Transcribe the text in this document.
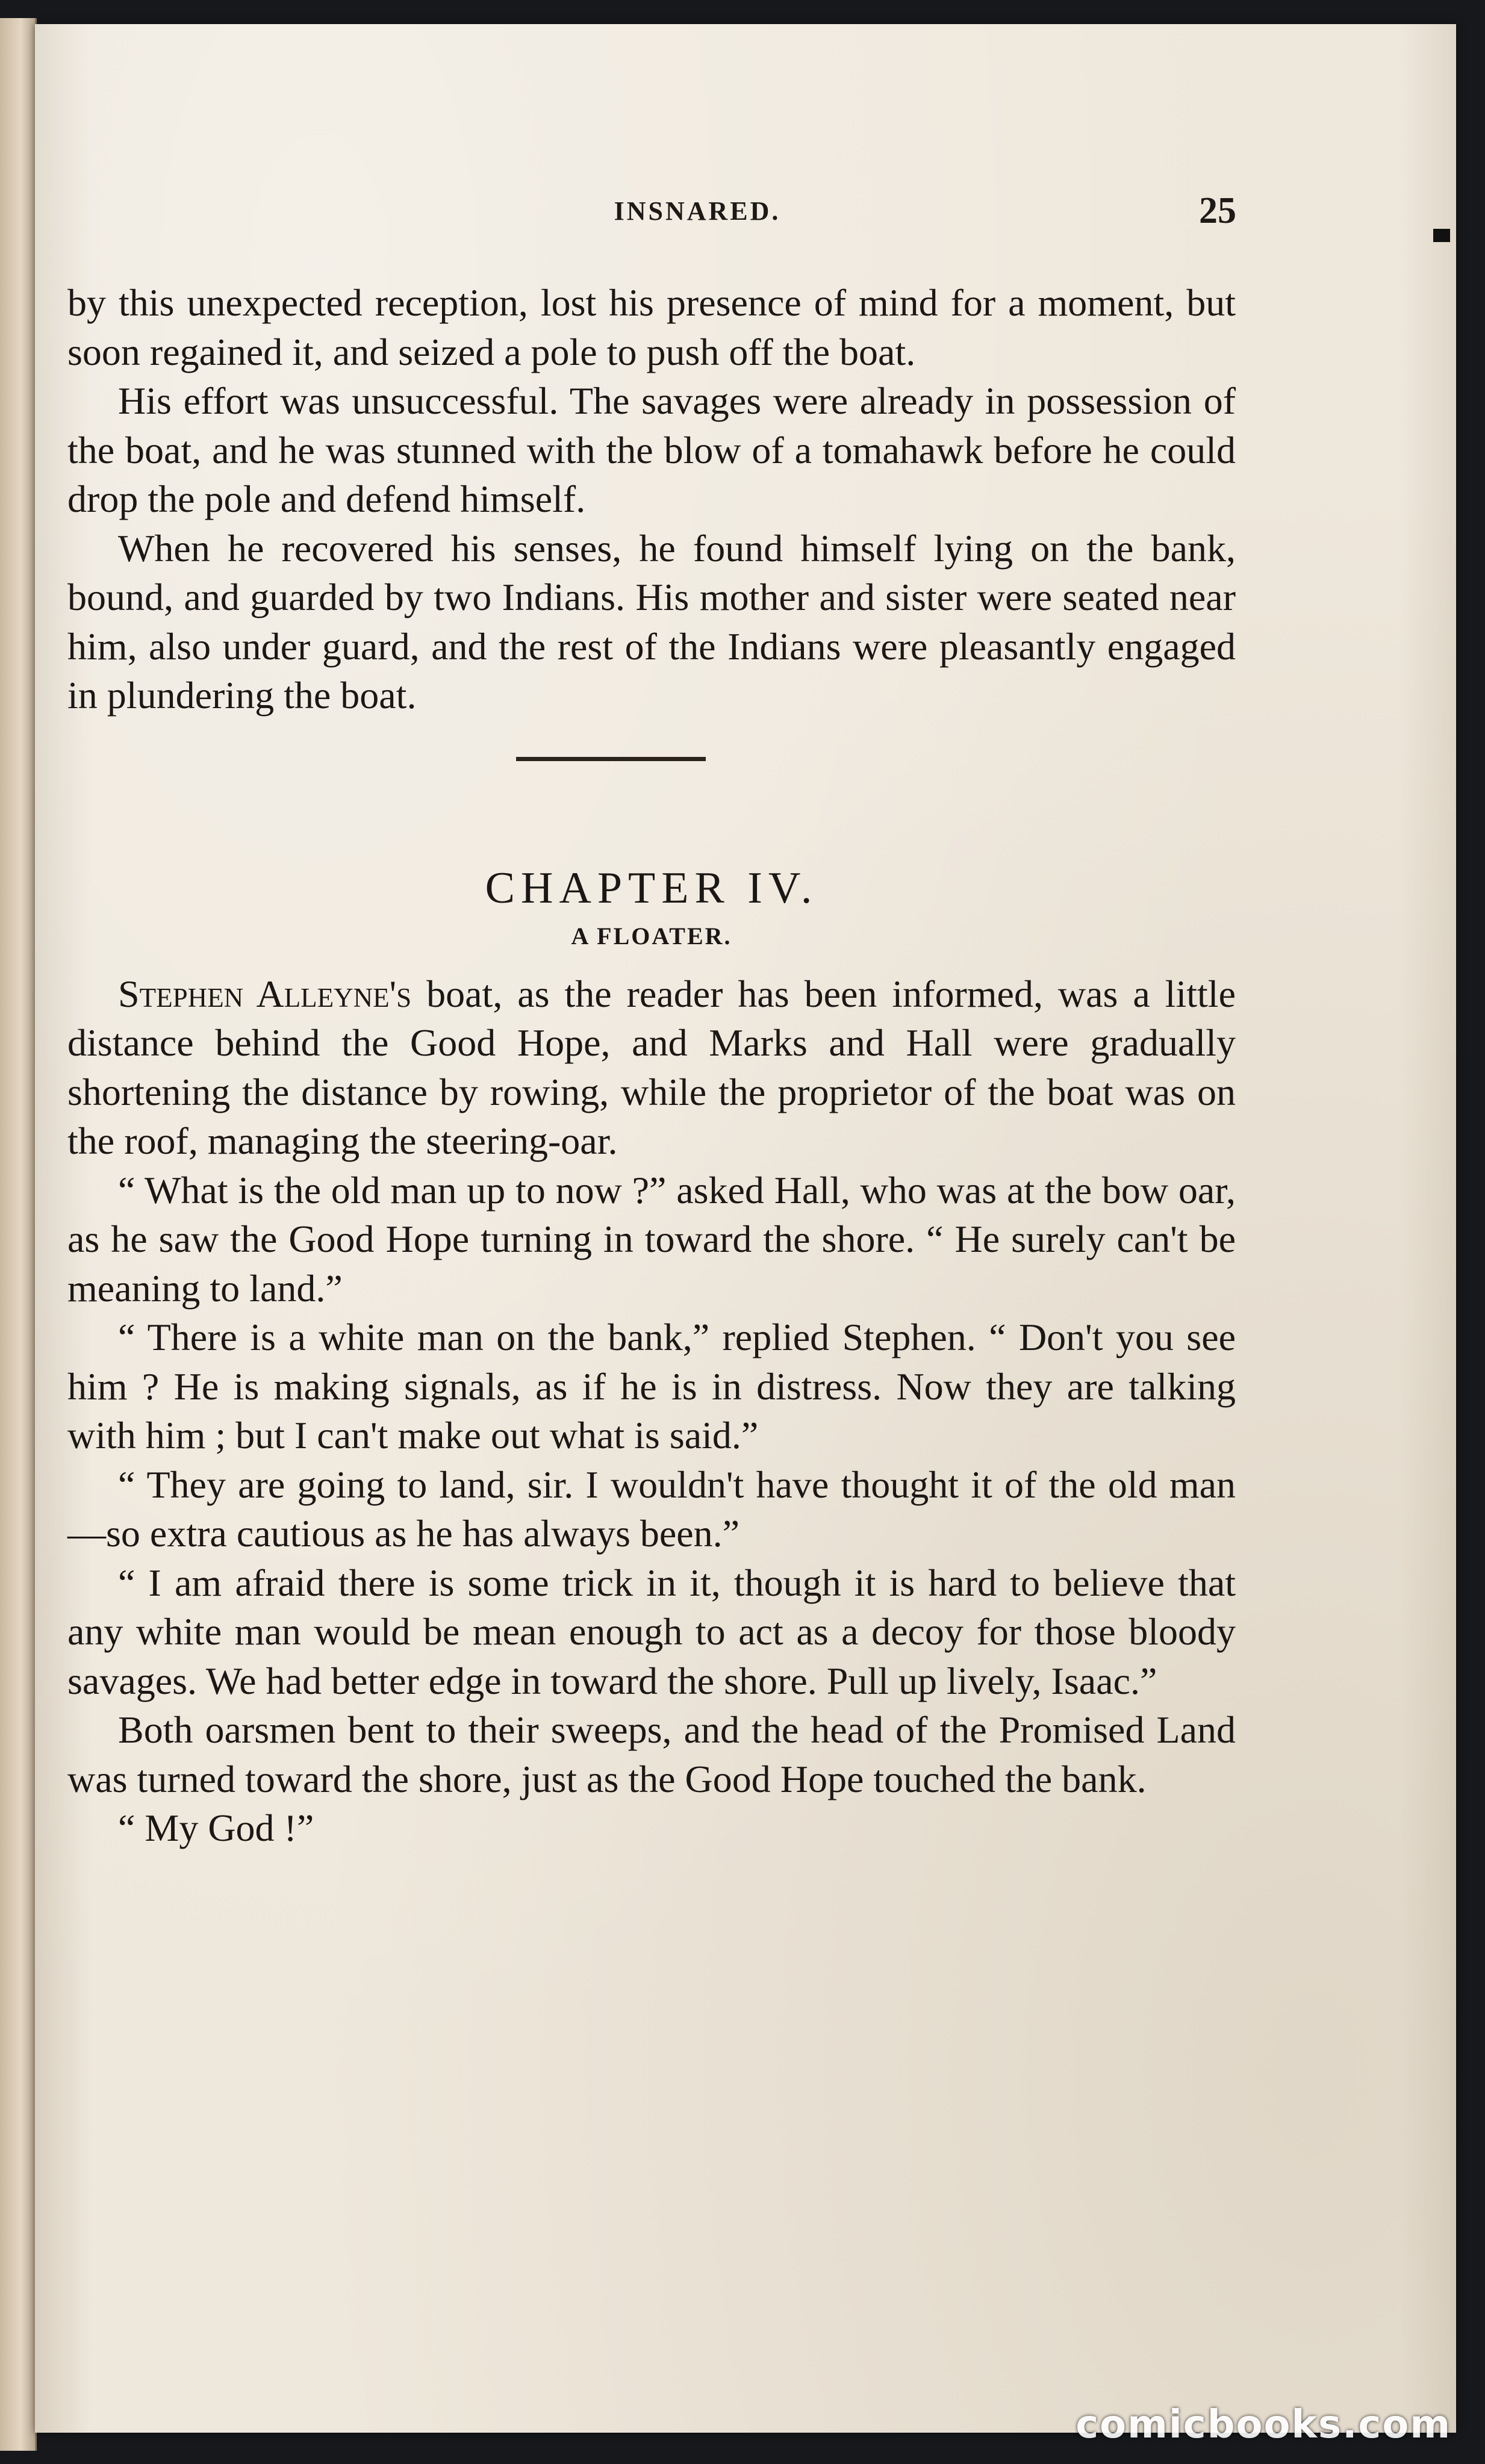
INSNARED.	25

by this unexpected reception, lost his presence of mind for a moment, but soon regained it, and seized a pole to push off the boat.

His effort was unsuccessful. The savages were already in possession of the boat, and he was stunned with the blow of a tomahawk before he could drop the pole and defend himself.

When he recovered his senses, he found himself lying on the bank, bound, and guarded by two Indians. His mother and sister were seated near him, also under guard, and the rest of the Indians were pleasantly engaged in plundering the boat.

CHAPTER IV.
A FLOATER.

Stephen Alleyne's boat, as the reader has been informed, was a little distance behind the Good Hope, and Marks and Hall were gradually shortening the distance by rowing, while the proprietor of the boat was on the roof, managing the steering-oar.

“ What is the old man up to now ?” asked Hall, who was at the bow oar, as he saw the Good Hope turning in toward the shore. “ He surely can't be meaning to land.”

“ There is a white man on the bank,” replied Stephen. “ Don't you see him ? He is making signals, as if he is in distress. Now they are talking with him ; but I can't make out what is said.”

“ They are going to land, sir. I wouldn't have thought it of the old man—so extra cautious as he has always been.”

“ I am afraid there is some trick in it, though it is hard to believe that any white man would be mean enough to act as a decoy for those bloody savages. We had better edge in toward the shore. Pull up lively, Isaac.”

Both oarsmen bent to their sweeps, and the head of the Promised Land was turned toward the shore, just as the Good Hope touched the bank.

“ My God !”

comicbooks.com
